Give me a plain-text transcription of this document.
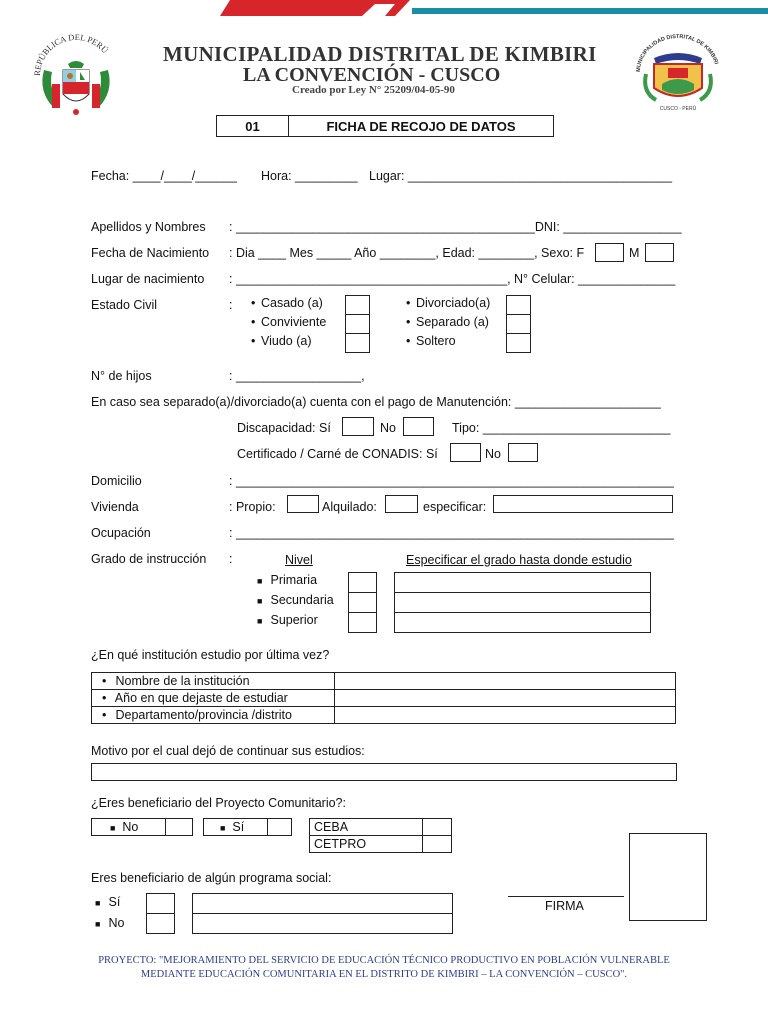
REPÚBLICA DEL PERÚ
MUNICIPALIDAD DISTRITAL DE KIMBIRI
CUSCO - PERÚ
MUNICIPALIDAD DISTRITAL DE KIMBIRI
LA CONVENCIÓN - CUSCO
Creado por Ley N° 25209/04-05-90
01	FICHA DE RECOJO DE DATOS
Fecha: ____/____/______ Hora: _________ Lugar: ______________________________________
Apellidos y Nombres : ___________________________________________DNI: _________________
Fecha de Nacimiento : Dia ____ Mes _____ Año ________, Edad: ________, Sexo: F	M
Lugar de nacimiento : _______________________________________, N° Celular: ______________
Estado Civil	: • Casado (a)
• Conviviente
• Viudo (a)
• Divorciado(a)
• Separado (a)
• Soltero
N° de hijos	: __________________,
En caso sea separado(a)/divorciado(a) cuenta con el pago de Manutención: _____________________
Discapacidad: Sí	No	Tipo: ___________________________
Certificado / Carné de CONADIS: Sí	No
Domicilio	: _______________________________________________________________
Vivienda	: Propio:	Alquilado:	especificar:
Ocupación	: _______________________________________________________________
Grado de instrucción :	Nivel	Especificar el grado hasta donde estudio
■ Primaria
■ Secundaria
■ Superior
¿En qué institución estudio por última vez?
• Nombre de la institución	
• Año en que dejaste de estudiar	
• Departamento/provincia /distrito	
Motivo por el cual dejó de continuar sus estudios:
¿Eres beneficiario del Proyecto Comunitario?:
■ No	■ Sí	CEBA	
CETPRO	
Eres beneficiario de algún programa social:
■ Sí
■ No
FIRMA
PROYECTO: "MEJORAMIENTO DEL SERVICIO DE EDUCACIÓN TÉCNICO PRODUCTIVO EN POBLACIÓN VULNERABLE
MEDIANTE EDUCACIÓN COMUNITARIA EN EL DISTRITO DE KIMBIRI – LA CONVENCIÓN – CUSCO".
